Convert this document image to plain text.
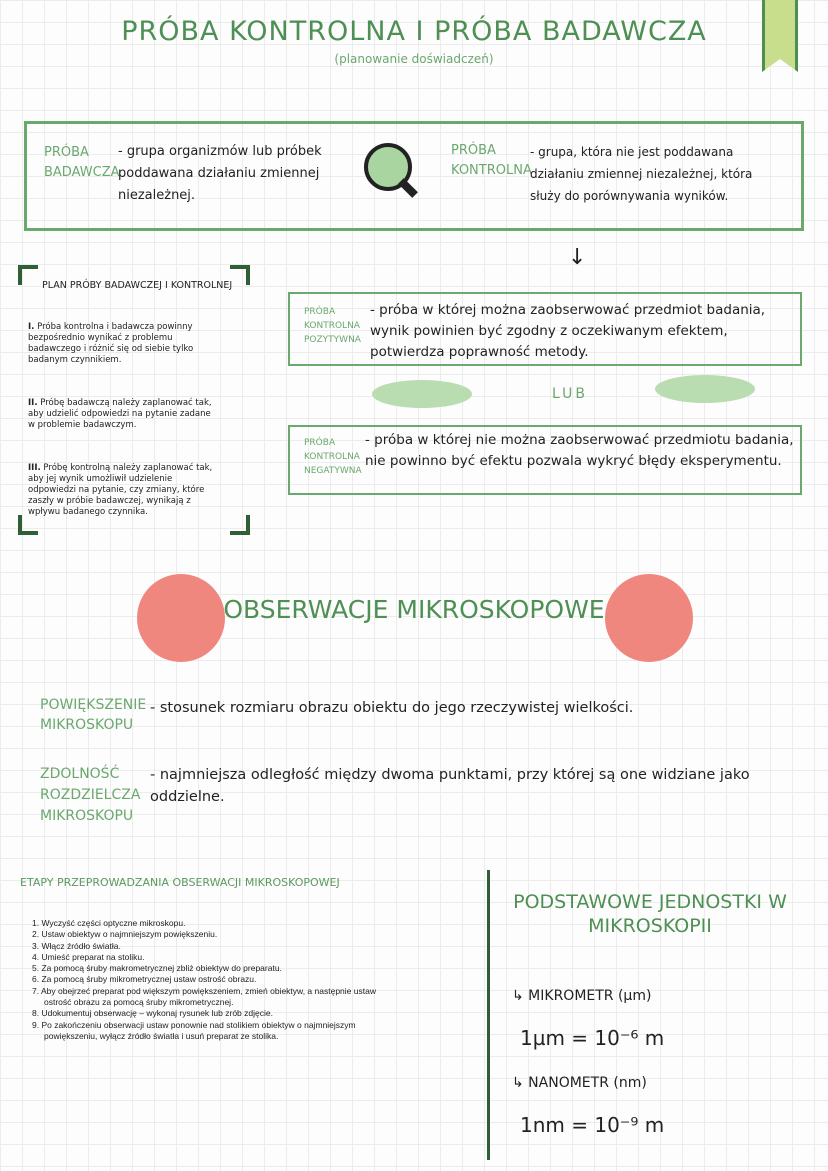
PRÓBA KONTROLNA I PRÓBA BADAWCZA
(planowanie doświadczeń)
PRÓBA BADAWCZA
- grupa organizmów lub próbek poddawana działaniu zmiennej niezależnej.
PRÓBA KONTROLNA
- grupa, która nie jest poddawana działaniu zmiennej niezależnej, która służy do porównywania wyników.
↓
PLAN PRÓBY BADAWCZEJ I KONTROLNEJ
I. Próba kontrolna i badawcza powinny bezpośrednio wynikać z problemu badawczego i różnić się od siebie tylko badanym czynnikiem.
II. Próbę badawczą należy zaplanować tak, aby udzielić odpowiedzi na pytanie zadane w problemie badawczym.
III. Próbę kontrolną należy zaplanować tak, aby jej wynik umożliwił udzielenie odpowiedzi na pytanie, czy zmiany, które zaszły w próbie badawczej, wynikają z wpływu badanego czynnika.
PRÓBA KONTROLNA POZYTYWNA
- próba w której można zaobserwować przedmiot badania, wynik powinien być zgodny z oczekiwanym efektem, potwierdza poprawność metody.
LUB
PRÓBA KONTROLNA NEGATYWNA
- próba w której nie można zaobserwować przedmiotu badania, nie powinno być efektu pozwala wykryć błędy eksperymentu.
OBSERWACJE MIKROSKOPOWE
POWIĘKSZENIE MIKROSKOPU
- stosunek rozmiaru obrazu obiektu do jego rzeczywistej wielkości.
ZDOLNOŚĆ ROZDZIELCZA MIKROSKOPU
- najmniejsza odległość między dwoma punktami, przy której są one widziane jako oddzielne.
ETAPY PRZEPROWADZANIA OBSERWACJI MIKROSKOPOWEJ
1. Wyczyść części optyczne mikroskopu.
2. Ustaw obiektyw o najmniejszym powiększeniu.
3. Włącz źródło światła.
4. Umieść preparat na stoliku.
5. Za pomocą śruby makrometrycznej zbliż obiektyw do preparatu.
6. Za pomocą śruby mikrometrycznej ustaw ostrość obrazu.
7. Aby obejrzeć preparat pod większym powiększeniem, zmień obiektyw, a następnie ustaw
ostrość obrazu za pomocą śruby mikrometrycznej.
8. Udokumentuj obserwację – wykonaj rysunek lub zrób zdjęcie.
9. Po zakończeniu obserwacji ustaw ponownie nad stolikiem obiektyw o najmniejszym
powiększeniu, wyłącz źródło światła i usuń preparat ze stolika.
PODSTAWOWE JEDNOSTKI W MIKROSKOPII
↳ MIKROMETR (µm)
1µm = 10⁻⁶ m
↳ NANOMETR (nm)
1nm = 10⁻⁹ m
